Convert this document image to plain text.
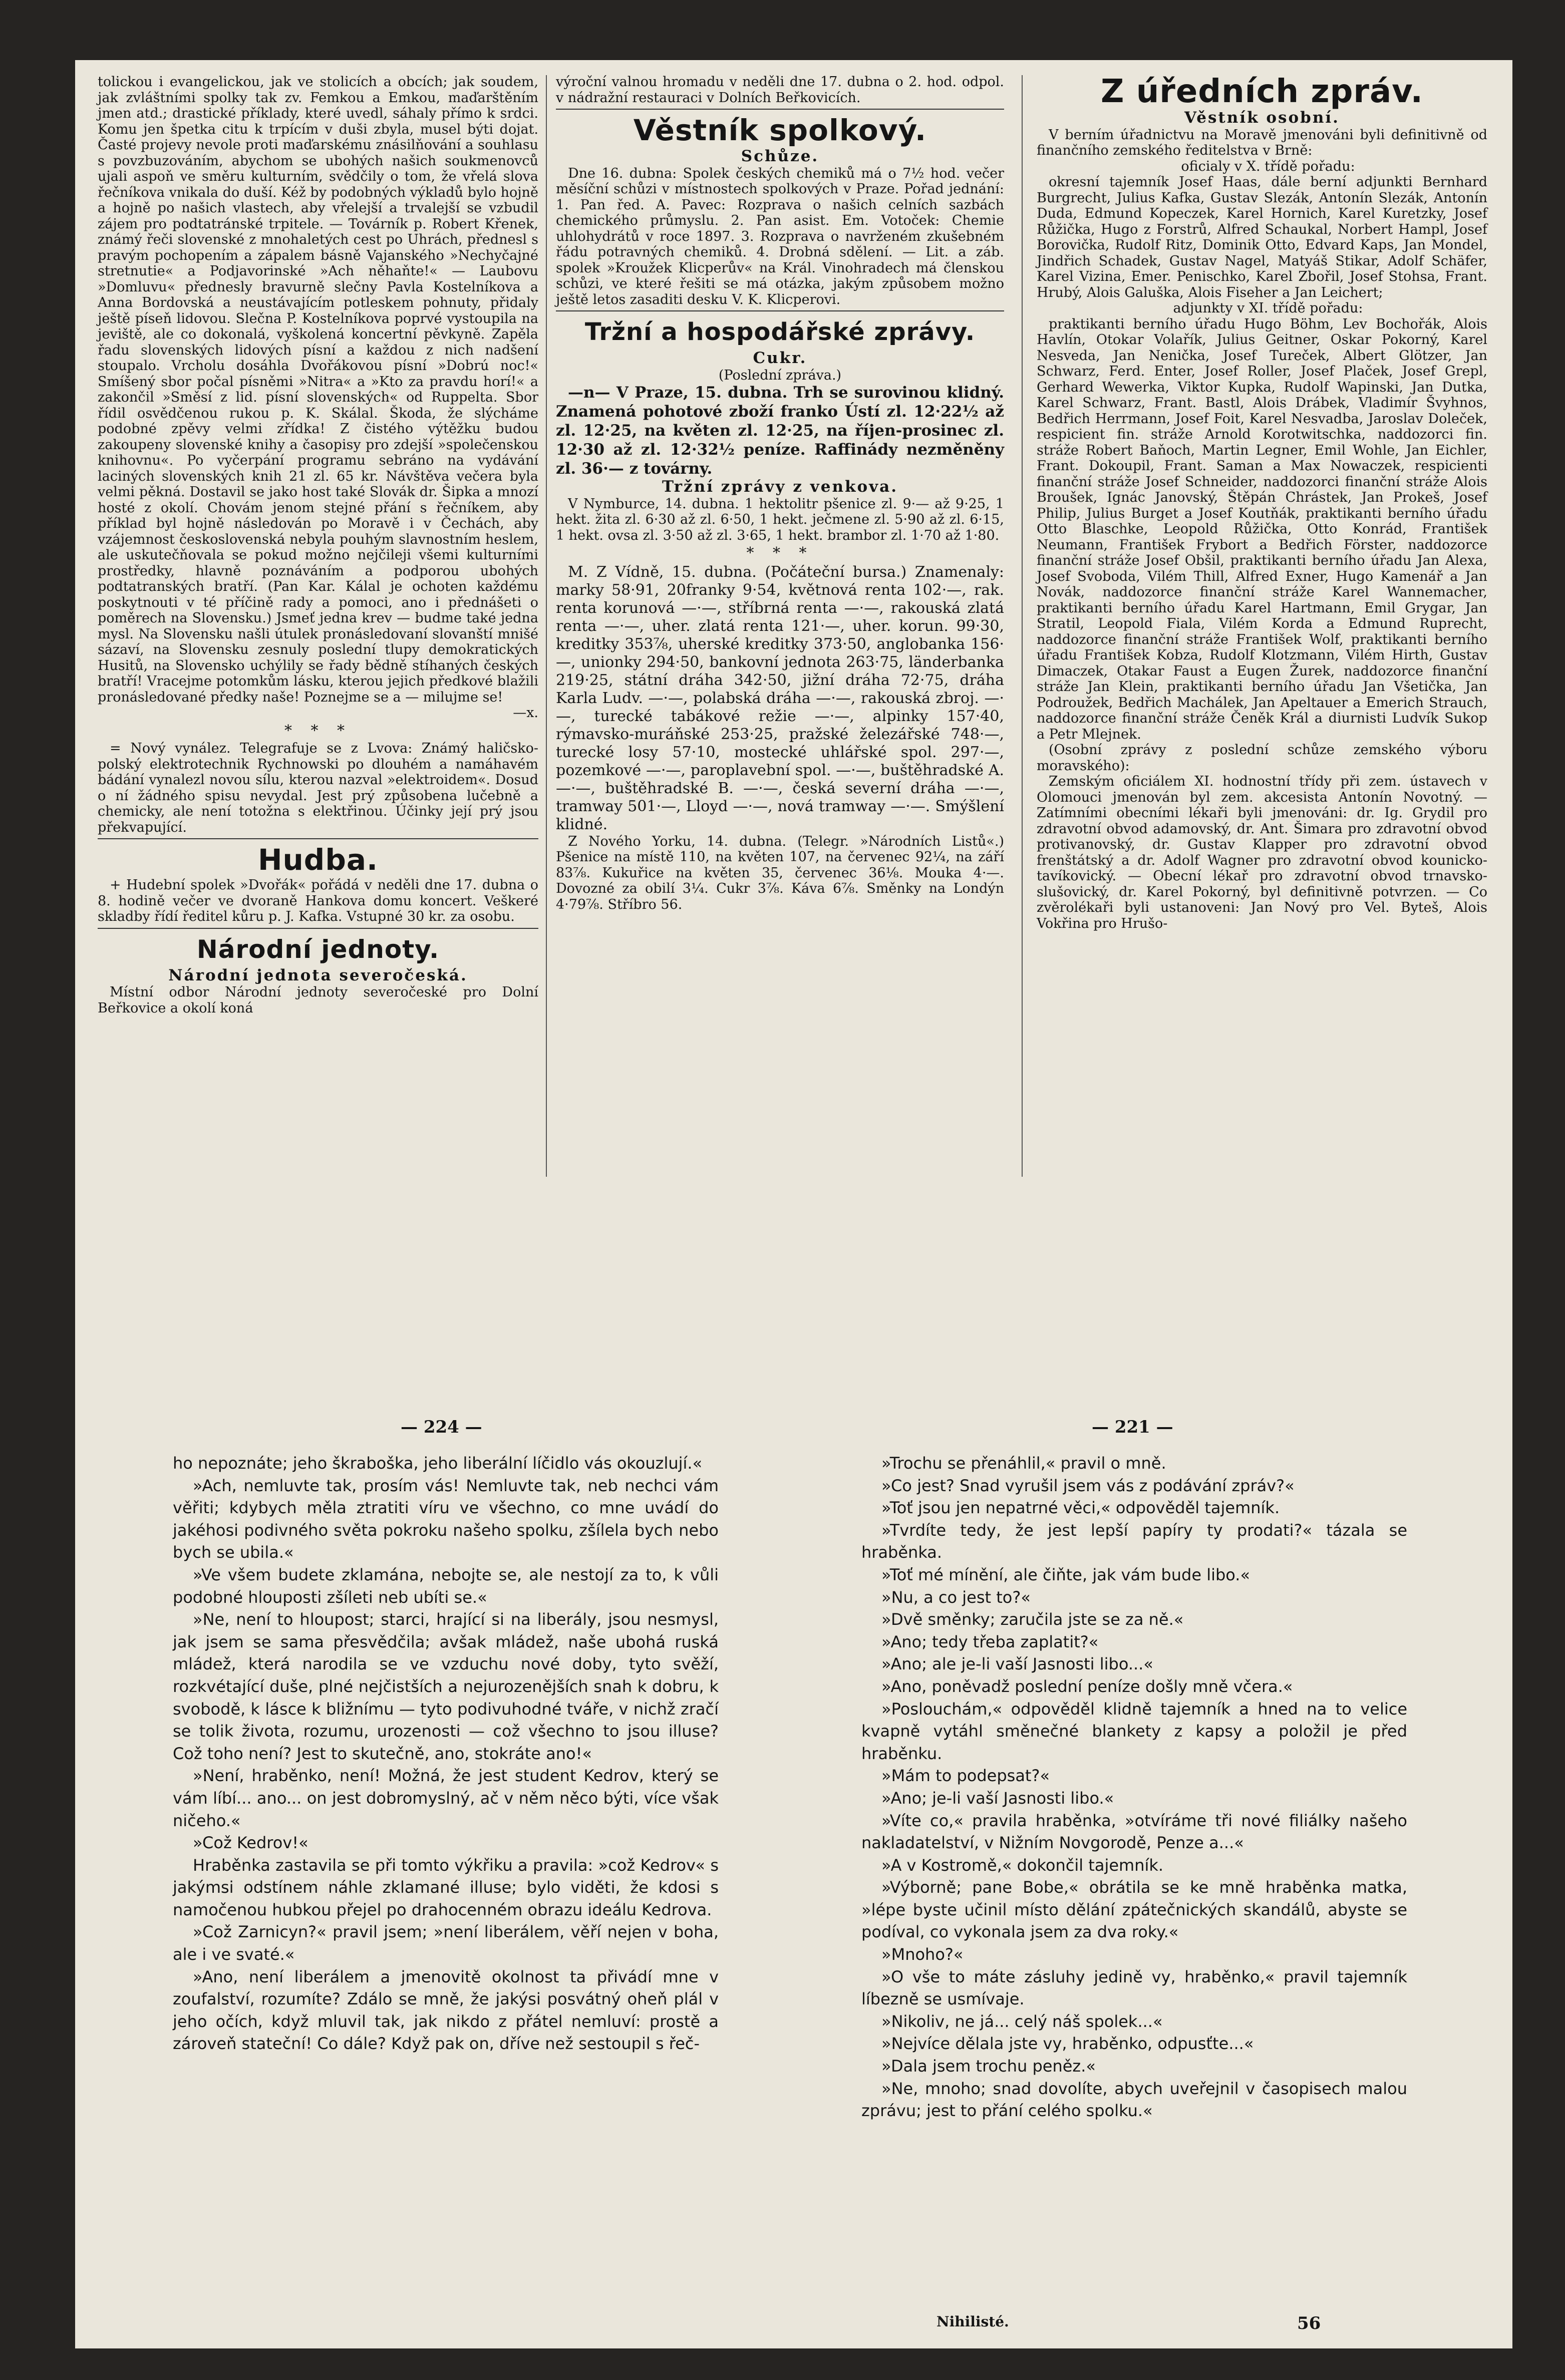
tolickou i evangelickou, jak ve stolicích a obcích; jak soudem, jak zvláštními spolky tak zv. Femkou a Emkou, maďarštěním jmen atd.; drastické příklady, které uvedl, sáhaly přímo k srdci. Komu jen špetka citu k trpícím v duši zbyla, musel býti dojat. Časté projevy nevole proti maďarskému znásilňování a souhlasu s povzbuzováním, abychom se ubohých našich soukmenovců ujali aspoň ve směru kulturním, svědčily o tom, že vřelá slova řečníkova vnikala do duší. Kéž by podobných výkladů bylo hojně a hojně po našich vlastech, aby vřelejší a trvalejší se vzbudil zájem pro podtatránské trpitele. — Továrník p. Robert Křenek, známý řeči slovenské z mnohaletých cest po Uhrách, přednesl s pravým pochopením a zápalem básně Vajanského »Nechyčajné stretnutie« a Podjavorinské »Ach něhaňte!« — Laubovu »Domluvu« přednesly bravurně slečny Pavla Kostelníkova a Anna Bordovská a neustávajícím potleskem pohnuty, přidaly ještě píseň lidovou. Slečna P. Kostelníkova poprvé vystoupila na jeviště, ale co dokonalá, vyškolená koncertní pěvkyně. Zapěla řadu slovenských lidových písní a každou z nich nadšení stoupalo. Vrcholu dosáhla Dvořákovou písní »Dobrú noc!« Smíšený sbor počal písněmi »Nitra« a »Kto za pravdu horí!« a zakončil »Směsí z lid. písní slovenských« od Ruppelta. Sbor řídil osvědčenou rukou p. K. Skálal. Škoda, že slýcháme podobné zpěvy velmi zřídka! Z čistého výtěžku budou zakoupeny slovenské knihy a časopisy pro zdejší »společenskou knihovnu«. Po vyčerpání programu sebráno na vydávání laciných slovenských knih 21 zl. 65 kr. Návštěva večera byla velmi pěkná. Dostavil se jako host také Slovák dr. Šipka a mnozí hosté z okolí. Chovám jenom stejné přání s řečníkem, aby příklad byl hojně následován po Moravě i v Čechách, aby vzájemnost československá nebyla pouhým slavnostním heslem, ale uskutečňovala se pokud možno nejčileji všemi kulturními prostředky, hlavně poznáváním a podporou ubohých podtatranských bratří. (Pan Kar. Kálal je ochoten každému poskytnouti v té příčině rady a pomoci, ano i přednášeti o poměrech na Slovensku.) Jsmeť jedna krev — budme také jedna mysl. Na Slovensku našli útulek pronásledovaní slovanští mnišé sázaví, na Slovensku zesnuly poslední tlupy demokratických Husitů, na Slovensko uchýlily se řady bědně stíhaných českých bratří! Vracejme potomkům lásku, kterou jejich předkové blažili pronásledované předky naše! Poznejme se a — milujme se!

—x.
* * *

= Nový vynález. Telegrafuje se z Lvova: Známý haličsko-polský elektrotechnik Rychnowski po dlouhém a namáhavém bádání vynalezl novou sílu, kterou nazval »elektroidem«. Dosud o ní žádného spisu nevydal. Jest prý způsobena lučebně a chemicky, ale není totožna s elektřinou. Účinky její prý jsou překvapující.

Hudba.

+ Hudební spolek »Dvořák« pořádá v neděli dne 17. dubna o 8. hodině večer ve dvoraně Hankova domu koncert. Veškeré skladby řídí ředitel kůru p. J. Kafka. Vstupné 30 kr. za osobu.

Národní jednoty.
Národní jednota severočeská.

Místní odbor Národní jednoty severočeské pro Dolní Beřkovice a okolí koná

výroční valnou hromadu v neděli dne 17. dubna o 2. hod. odpol. v nádražní restauraci v Dolních Beřkovicích.

Věstník spolkový.
Schůze.

Dne 16. dubna: Spolek českých chemiků má o 7½ hod. večer měsíční schůzi v místnostech spolkových v Praze. Pořad jednání: 1. Pan řed. A. Pavec: Rozprava o našich celních sazbách chemického průmyslu. 2. Pan asist. Em. Votoček: Chemie uhlohydrátů v roce 1897. 3. Rozprava o navrženém zkušebném řádu potravných chemiků. 4. Drobná sdělení. — Lit. a záb. spolek »Kroužek Klicperův« na Král. Vinohradech má členskou schůzi, ve které řešiti se má otázka, jakým způsobem možno ještě letos zasaditi desku V. K. Klicperovi.

Tržní a hospodářské zprávy.
Cukr.
(Poslední zpráva.)

—n— V Praze, 15. dubna. Trh se surovinou klidný. Znamená pohotové zboží franko Ústí zl. 12·22½ až zl. 12·25, na květen zl. 12·25, na říjen-prosinec zl. 12·30 až zl. 12·32½ peníze. Raffinády nezměněny zl. 36·— z továrny.

Tržní zprávy z venkova.

V Nymburce, 14. dubna. 1 hektolitr pšenice zl. 9·— až 9·25, 1 hekt. žita zl. 6·30 až zl. 6·50, 1 hekt. ječmene zl. 5·90 až zl. 6·15, 1 hekt. ovsa zl. 3·50 až zl. 3·65, 1 hekt. brambor zl. 1·70 až 1·80.

* * *

M. Z Vídně, 15. dubna. (Počáteční bursa.) Znamenaly: marky 58·91, 20franky 9·54, květnová renta 102·—, rak. renta korunová —·—, stříbrná renta —·—, rakouská zlatá renta —·—, uher. zlatá renta 121·—, uher. korun. 99·30, kreditky 353⅞, uherské kreditky 373·50, anglobanka 156·—, unionky 294·50, bankovní jednota 263·75, länderbanka 219·25, státní dráha 342·50, jižní dráha 72·75, dráha Karla Ludv. —·—, polabská dráha —·—, rakouská zbroj. —·—, turecké tabákové režie —·—, alpinky 157·40, rýmavsko-muráňské 253·25, pražské železářské 748·—, turecké losy 57·10, mostecké uhlářské spol. 297·—, pozemkové —·—, paroplavební spol. —·—, buštěhradské A. —·—, buštěhradské B. —·—, česká severní dráha —·—, tramway 501·—, Lloyd —·—, nová tramway —·—. Smýšlení klidné.

Z Nového Yorku, 14. dubna. (Telegr. »Národních Listů«.) Pšenice na místě 110, na květen 107, na červenec 92¼, na září 83⅞. Kukuřice na květen 35, červenec 36⅛. Mouka 4·—. Dovozné za obilí 3¼. Cukr 3⅞. Káva 6⅞. Směnky na Londýn 4·79⅞. Stříbro 56.

Z úředních zpráv.
Věstník osobní.

V berním úřadnictvu na Moravě jmenováni byli definitivně od finančního zemského ředitelstva v Brně:

oficialy v X. třídě pořadu:

okresní tajemník Josef Haas, dále berní adjunkti Bernhard Burgrecht, Julius Kafka, Gustav Slezák, Antonín Slezák, Antonín Duda, Edmund Kopeczek, Karel Hornich, Karel Kuretzky, Josef Růžička, Hugo z Forstrů, Alfred Schaukal, Norbert Hampl, Josef Borovička, Rudolf Ritz, Dominik Otto, Edvard Kaps, Jan Mondel, Jindřich Schadek, Gustav Nagel, Matyáš Stikar, Adolf Schäfer, Karel Vizina, Emer. Penischko, Karel Zbořil, Josef Stohsa, Frant. Hrubý, Alois Galuška, Alois Fiseher a Jan Leichert;

adjunkty v XI. třídě pořadu:

praktikanti berního úřadu Hugo Böhm, Lev Bochořák, Alois Havlín, Otokar Volařík, Julius Geitner, Oskar Pokorný, Karel Nesveda, Jan Nenička, Josef Tureček, Albert Glötzer, Jan Schwarz, Ferd. Enter, Josef Roller, Josef Plaček, Josef Grepl, Gerhard Wewerka, Viktor Kupka, Rudolf Wapinski, Jan Dutka, Karel Schwarz, Frant. Bastl, Alois Drábek, Vladimír Švyhnos, Bedřich Herrmann, Josef Foit, Karel Nesvadba, Jaroslav Doleček, respicient fin. stráže Arnold Korotwitschka, naddozorci fin. stráže Robert Baňoch, Martin Legner, Emil Wohle, Jan Eichler, Frant. Dokoupil, Frant. Saman a Max Nowaczek, respicienti finanční stráže Josef Schneider, naddozorci finanční stráže Alois Broušek, Ignác Janovský, Štěpán Chrástek, Jan Prokeš, Josef Philip, Julius Burget a Josef Koutňák, praktikanti berního úřadu Otto Blaschke, Leopold Růžička, Otto Konrád, František Neumann, František Frybort a Bedřich Förster, naddozorce finanční stráže Josef Obšil, praktikanti berního úřadu Jan Alexa, Josef Svoboda, Vilém Thill, Alfred Exner, Hugo Kamenář a Jan Novák, naddozorce finanční stráže Karel Wannemacher, praktikanti berního úřadu Karel Hartmann, Emil Grygar, Jan Stratil, Leopold Fiala, Vilém Korda a Edmund Ruprecht, naddozorce finanční stráže František Wolf, praktikanti berního úřadu František Kobza, Rudolf Klotzmann, Vilém Hirth, Gustav Dimaczek, Otakar Faust a Eugen Žurek, naddozorce finanční stráže Jan Klein, praktikanti berního úřadu Jan Všetička, Jan Podroužek, Bedřich Machálek, Jan Apeltauer a Emerich Strauch, naddozorce finanční stráže Čeněk Král a diurnisti Ludvík Sukop a Petr Mlejnek.

(Osobní zprávy z poslední schůze zemského výboru moravského):

Zemským oficiálem XI. hodnostní třídy při zem. ústavech v Olomouci jmenován byl zem. akcesista Antonín Novotný. — Zatímními obecními lékaři byli jmenováni: dr. Ig. Grydil pro zdravotní obvod adamovský, dr. Ant. Šimara pro zdravotní obvod protivanovský, dr. Gustav Klapper pro zdravotní obvod frenštátský a dr. Adolf Wagner pro zdravotní obvod kounicko-tavíkovický. — Obecní lékař pro zdravotní obvod trnavsko-slušovický, dr. Karel Pokorný, byl definitivně potvrzen. — Co zvěrolékaři byli ustanoveni: Jan Nový pro Vel. Byteš, Alois Vokřina pro Hrušo-

— 224 —	— 221 —

ho nepoznáte; jeho škraboška, jeho liberální líčidlo vás okouzlují.«

»Ach, nemluvte tak, prosím vás! Nemluvte tak, neb nechci vám věřiti; kdybych měla ztratiti víru ve všechno, co mne uvádí do jakéhosi podivného světa pokroku našeho spolku, zšílela bych nebo bych se ubila.«

»Ve všem budete zklamána, nebojte se, ale nestojí za to, k vůli podobné hlouposti zšíleti neb ubíti se.«

»Ne, není to hloupost; starci, hrající si na liberály, jsou nesmysl, jak jsem se sama přesvědčila; avšak mládež, naše ubohá ruská mládež, která narodila se ve vzduchu nové doby, tyto svěží, rozkvétající duše, plné nejčistších a nejurozenějších snah k dobru, k svobodě, k lásce k bližnímu — tyto podivuhodné tváře, v nichž zračí se tolik života, rozumu, urozenosti — což všechno to jsou illuse? Což toho není? Jest to skutečně, ano, stokráte ano!«

»Není, hraběnko, není! Možná, že jest student Kedrov, který se vám líbí... ano... on jest dobromyslný, ač v něm něco býti, více však ničeho.«

»Což Kedrov!«

Hraběnka zastavila se při tomto výkřiku a pravila: »což Kedrov« s jakýmsi odstínem náhle zklamané illuse; bylo viděti, že kdosi s namočenou hubkou přejel po drahocenném obrazu ideálu Kedrova.

»Což Zarnicyn?« pravil jsem; »není liberálem, věří nejen v boha, ale i ve svaté.«

»Ano, není liberálem a jmenovitě okolnost ta přivádí mne v zoufalství, rozumíte? Zdálo se mně, že jakýsi posvátný oheň plál v jeho očích, když mluvil tak, jak nikdo z přátel nemluví: prostě a zároveň stateční! Co dále? Když pak on, dříve než sestoupil s řeč-

»Trochu se přenáhlil,« pravil o mně.

»Co jest? Snad vyrušil jsem vás z podávání zpráv?«

»Toť jsou jen nepatrné věci,« odpověděl tajemník.

»Tvrdíte tedy, že jest lepší papíry ty prodati?« tázala se hraběnka.

»Toť mé mínění, ale čiňte, jak vám bude libo.«

»Nu, a co jest to?«

»Dvě směnky; zaručila jste se za ně.«

»Ano; tedy třeba zaplatit?«

»Ano; ale je-li vaší Jasnosti libo...«

»Ano, poněvadž poslední peníze došly mně včera.«

»Poslouchám,« odpověděl klidně tajemník a hned na to velice kvapně vytáhl směnečné blankety z kapsy a položil je před hraběnku.

»Mám to podepsat?«

»Ano; je-li vaší Jasnosti libo.«

»Víte co,« pravila hraběnka, »otvíráme tři nové filiálky našeho nakladatelství, v Nižním Novgorodě, Penze a...«

»A v Kostromě,« dokončil tajemník.

»Výborně; pane Bobe,« obrátila se ke mně hraběnka matka, »lépe byste učinil místo dělání zpátečnických skandálů, abyste se podíval, co vykonala jsem za dva roky.«

»Mnoho?«

»O vše to máte zásluhy jedině vy, hraběnko,« pravil tajemník líbezně se usmívaje.

»Nikoliv, ne já... celý náš spolek...«

»Nejvíce dělala jste vy, hraběnko, odpusťte...«

»Dala jsem trochu peněz.«

»Ne, mnoho; snad dovolíte, abych uveřejnil v časopisech malou zprávu; jest to přání celého spolku.«

Nihilisté.	56
